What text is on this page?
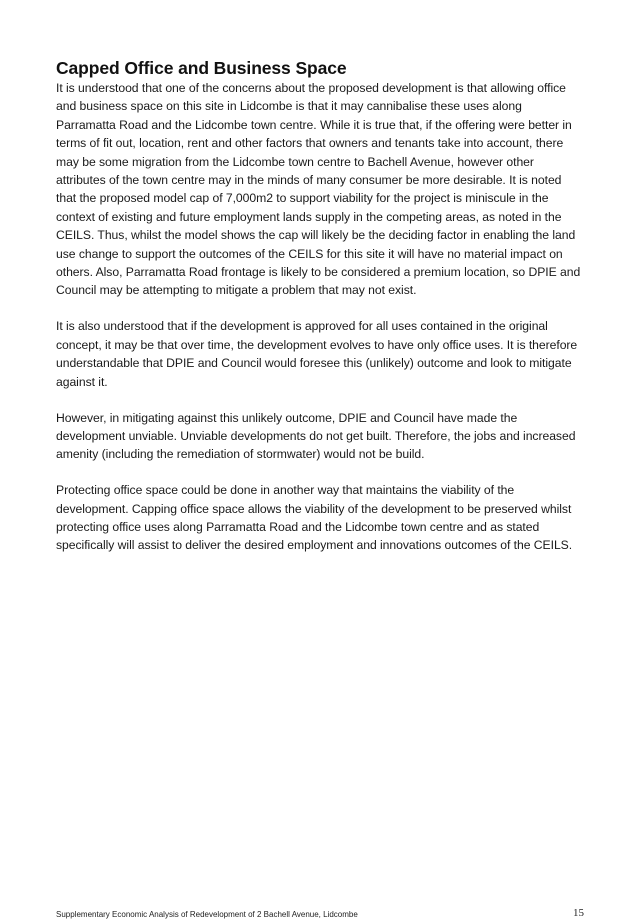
Capped Office and Business Space

It is understood that one of the concerns about the proposed development is that allowing office and business space on this site in Lidcombe is that it may cannibalise these uses along Parramatta Road and the Lidcombe town centre. While it is true that, if the offering were better in terms of fit out, location, rent and other factors that owners and tenants take into account, there may be some migration from the Lidcombe town centre to Bachell Avenue, however other attributes of the town centre may in the minds of many consumer be more desirable. It is noted that the proposed model cap of 7,000m2 to support viability for the project is miniscule in the context of existing and future employment lands supply in the competing areas, as noted in the CEILS. Thus, whilst the model shows the cap will likely be the deciding factor in enabling the land use change to support the outcomes of the CEILS for this site it will have no material impact on others. Also, Parramatta Road frontage is likely to be considered a premium location, so DPIE and Council may be attempting to mitigate a problem that may not exist.

It is also understood that if the development is approved for all uses contained in the original concept, it may be that over time, the development evolves to have only office uses. It is therefore understandable that DPIE and Council would foresee this (unlikely) outcome and look to mitigate against it.

However, in mitigating against this unlikely outcome, DPIE and Council have made the development unviable. Unviable developments do not get built. Therefore, the jobs and increased amenity (including the remediation of stormwater) would not be build.

Protecting office space could be done in another way that maintains the viability of the development. Capping office space allows the viability of the development to be preserved whilst protecting office uses along Parramatta Road and the Lidcombe town centre and as stated specifically will assist to deliver the desired employment and innovations outcomes of the CEILS.

Supplementary Economic Analysis of Redevelopment of 2 Bachell Avenue, Lidcombe	15
